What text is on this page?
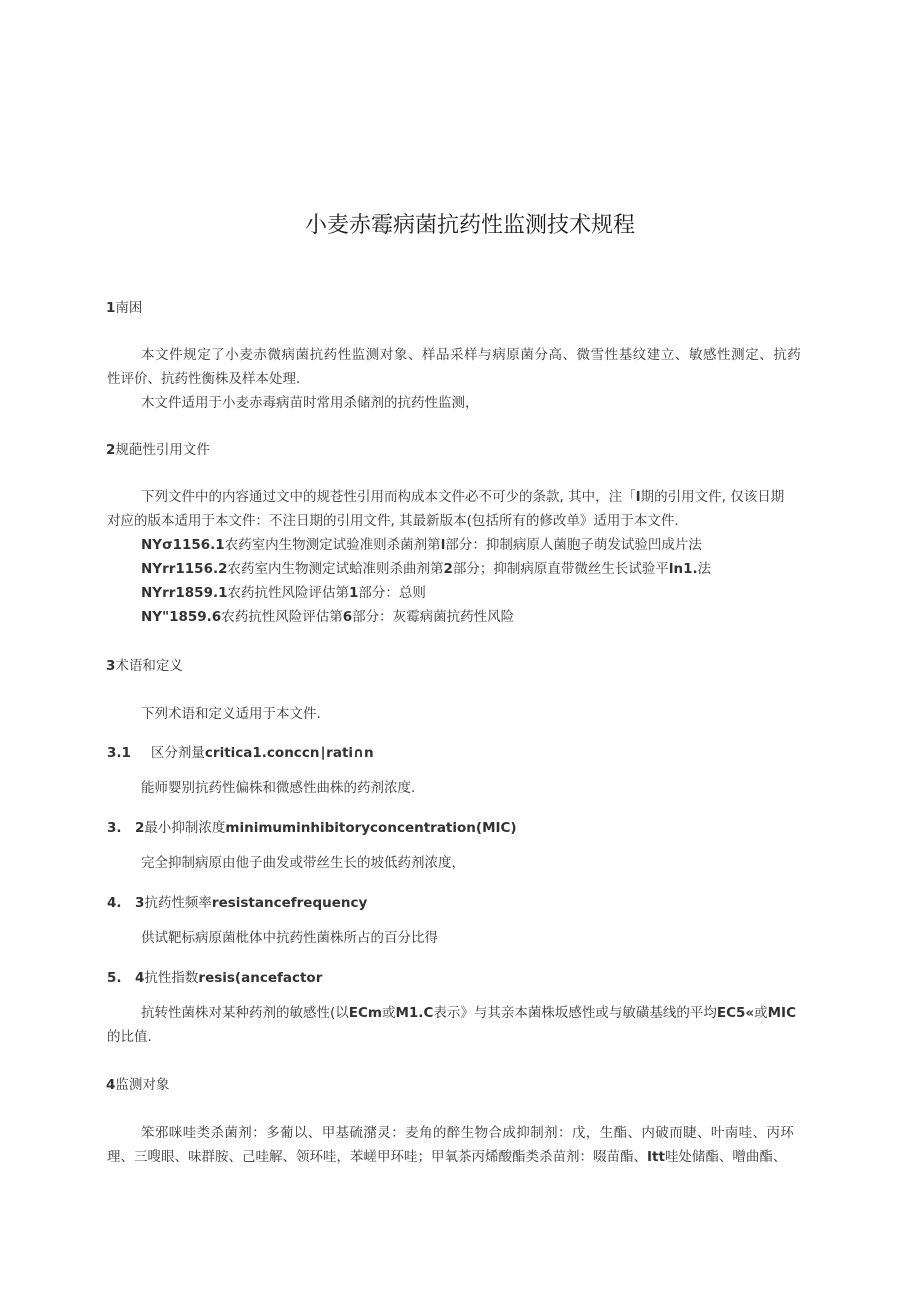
小麦赤霉病菌抗药性监测技术规程
1南困
本文件规定了小麦赤微病菌抗药性监测对象、样品采样与病原菌分高、微雪性基纹建立、敏感性测定、抗药
性评价、抗药性衡株及样本处理.
木文件适用于小麦赤毒病苗时常用杀储剂的抗药性监测，
2规葩性引用文件
下列文件中的内容通过文中的规苍性引用而构成本文件必不可少的条款, 其中，注「I期的引用文件, 仅该日期
对应的版本适用于本文件：不注日期的引用文件, 其最新版本(包括所有的修改单》适用于本文件.
NYσ1156.1农药室内生物测定试验准则杀菌剂第l部分：抑制病原人菌胞子萌发试验凹成片法
NYrr1156.2农药室内生物测定试蛤准则杀曲剂第2部分；抑制病原直带微丝生长试验平ln1.法
NYrr1859.1农药抗性风险评估第1部分：总则
NY"1859.6农药抗性风险评估第6部分：灰霉病菌抗药性风险
3术语和定义
下列术语和定义适用于本文件.
3.1 区分剂量critica1.conccn∣rati∩n
能师婴别抗药性偏株和微感性曲株的药剂浓度.
3.　2最小抑制浓度minimuminhibitoryconcentration(MIC)
完全抑制病原由他子曲发或带丝生长的坡低药剂浓度，
4.　3抗药性频率resistancefrequency
供试靶标病原菌枇体中抗药性菌株所占的百分比得
5.　4抗性指数resis(ancefactor
抗转性菌株对某种药剂的敏感性(以ECm或M1.C表示》与其亲本菌株坂感性或与敏磺基线的平均EC5«或MIC
的比值.
4监测对象
笨邪咪哇类杀菌剂：多葡以、甲基硫潴灵：麦角的醉生物合成抑制剂：戊，生酯、内破而睫、叶南哇、丙环
理、三嗖眼、味群胺、己哇解、领环哇，苯嵯甲环哇；甲氧茶丙烯酸酯类杀苗剂：啜苗酯、Itt哇处储酯、噌曲酯、
